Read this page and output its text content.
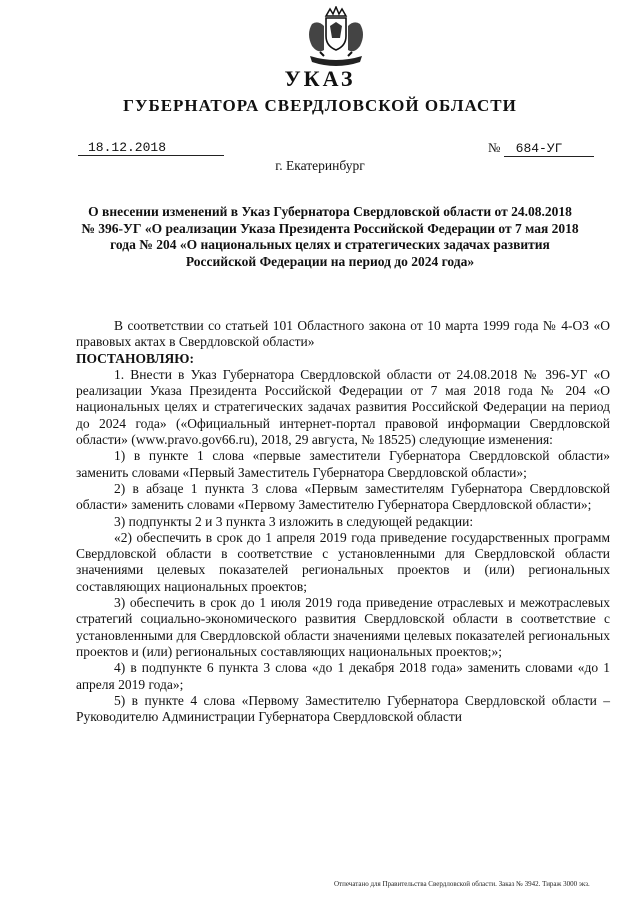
УКАЗ
ГУБЕРНАТОРА СВЕРДЛОВСКОЙ ОБЛАСТИ
18.12.2018	№ 684-УГ
г. Екатеринбург
О внесении изменений в Указ Губернатора Свердловской области от 24.08.2018 № 396-УГ «О реализации Указа Президента Российской Федерации от 7 мая 2018 года № 204 «О национальных целях и стратегических задачах развития Российской Федерации на период до 2024 года»

В соответствии со статьей 101 Областного закона от 10 марта 1999 года № 4-ОЗ «О правовых актах в Свердловской области»

ПОСТАНОВЛЯЮ:

1. Внести в Указ Губернатора Свердловской области от 24.08.2018 № 396-УГ «О реализации Указа Президента Российской Федерации от 7 мая 2018 года № 204 «О национальных целях и стратегических задачах развития Российской Федерации на период до 2024 года» («Официальный интернет-портал правовой информации Свердловской области» (www.pravo.gov66.ru), 2018, 29 августа, № 18525) следующие изменения:

1) в пункте 1 слова «первые заместители Губернатора Свердловской области» заменить словами «Первый Заместитель Губернатора Свердловской области»;

2) в абзаце 1 пункта 3 слова «Первым заместителям Губернатора Свердловской области» заменить словами «Первому Заместителю Губернатора Свердловской области»;

3) подпункты 2 и 3 пункта 3 изложить в следующей редакции:

«2) обеспечить в срок до 1 апреля 2019 года приведение государственных программ Свердловской области в соответствие с установленными для Свердловской области значениями целевых показателей региональных проектов и (или) региональных составляющих национальных проектов;

3) обеспечить в срок до 1 июля 2019 года приведение отраслевых и межотраслевых стратегий социально-экономического развития Свердловской области в соответствие с установленными для Свердловской области значениями целевых показателей региональных проектов и (или) региональных составляющих национальных проектов;»;

4) в подпункте 6 пункта 3 слова «до 1 декабря 2018 года» заменить словами «до 1 апреля 2019 года»;

5) в пункте 4 слова «Первому Заместителю Губернатора Свердловской области – Руководителю Администрации Губернатора Свердловской области

Отпечатано для Правительства Свердловской области. Заказ № 3942. Тираж 3000 экз.
